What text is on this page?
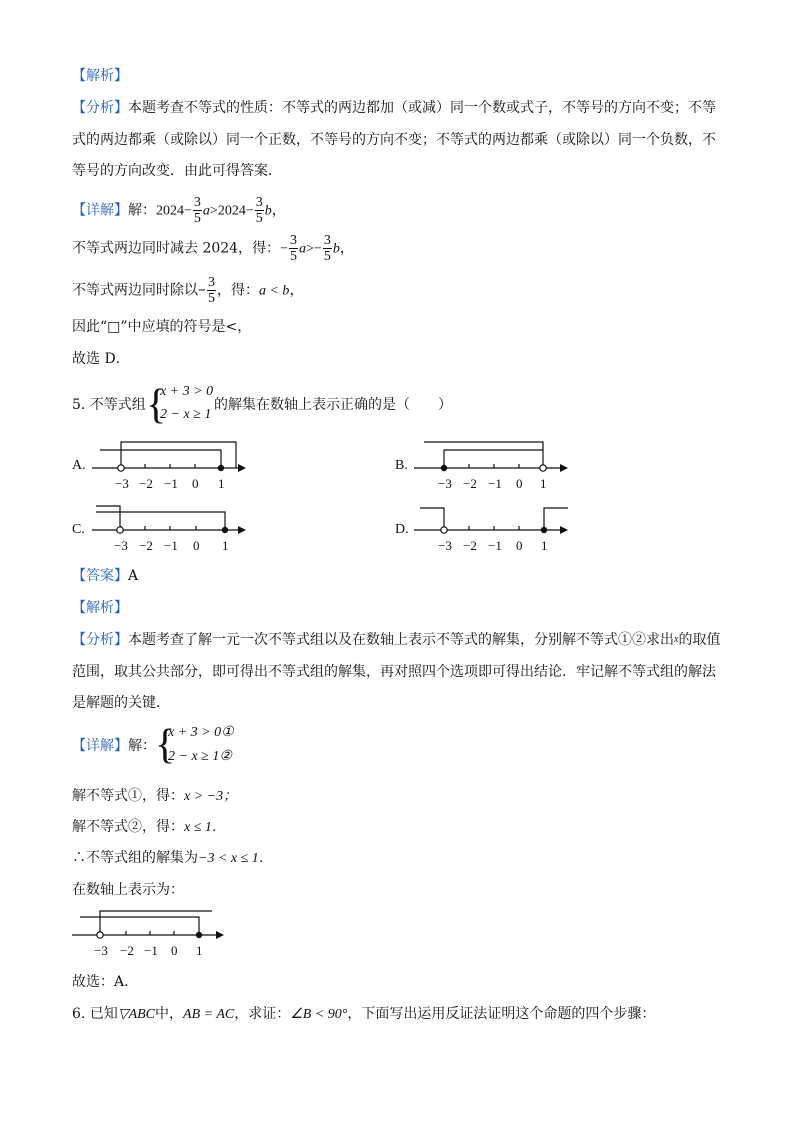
【解析】
【分析】本题考查不等式的性质：不等式的两边都加（或减）同一个数或式子，不等号的方向不变；不等
式的两边都乘（或除以）同一个正数，不等号的方向不变；不等式的两边都乘（或除以）同一个负数，不
等号的方向改变．由此可得答案．
【详解】解：$2024- \frac{3}{5} a>2024- \frac{3}{5}$ b，
不等式两边同时减去 2024，得：− $\frac{3}{5} a>- \frac{3}{5}$ b，
不等式两边同时除以− $\frac{3}{5}$ ，得：a < b，
因此“□”中应填的符号是<，
故选 D．
5. 不等式组 {
x + 3 > 0
2 − x ≥ 1
的解集在数轴上表示正确的是（　　）
A.
−3 −2 −1 0 1
B.
−3 −2 −1 0 1
C.
−3 −2 −1 0 1
D.
−3 −2 −1 0 1
【答案】A
【解析】
【分析】本题考查了解一元一次不等式组以及在数轴上表示不等式的解集，分别解不等式①②求出$^x$的取值
范围，取其公共部分，即可得出不等式组的解集，再对照四个选项即可得出结论．牢记解不等式组的解法
是解题的关键．
【详解】解： {
x + 3 > 0①
2 − x ≥ 1②
解不等式①，得：x > −3；
解不等式②，得：x ≤ 1．
∴不等式组的解集为−3 < x ≤ 1．
在数轴上表示为：
−3 −2 −1 0 1
故选：A．
6. 已知▽ABC中，AB = AC，求证：∠B < 90°，下面写出运用反证法证明这个命题的四个步骤：
